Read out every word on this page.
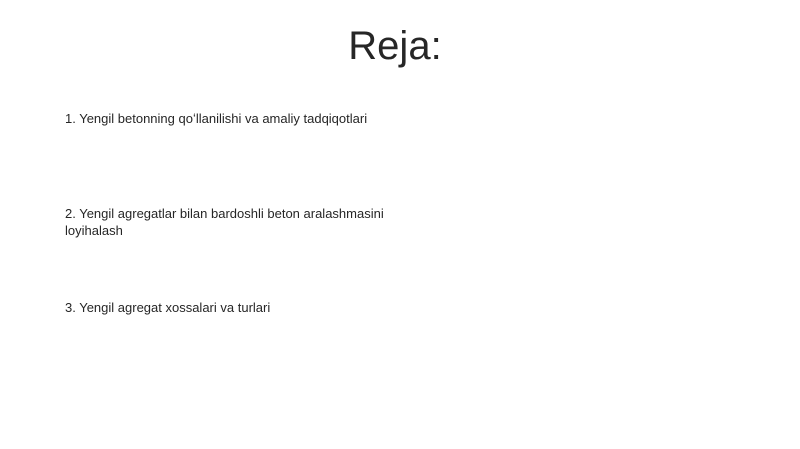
Reja:
1. Yengil betonning qoʻllanilishi va amaliy tadqiqotlari
2. Yengil agregatlar bilan bardoshli beton aralashmasini loyihalash
3. Yengil agregat xossalari va turlari
